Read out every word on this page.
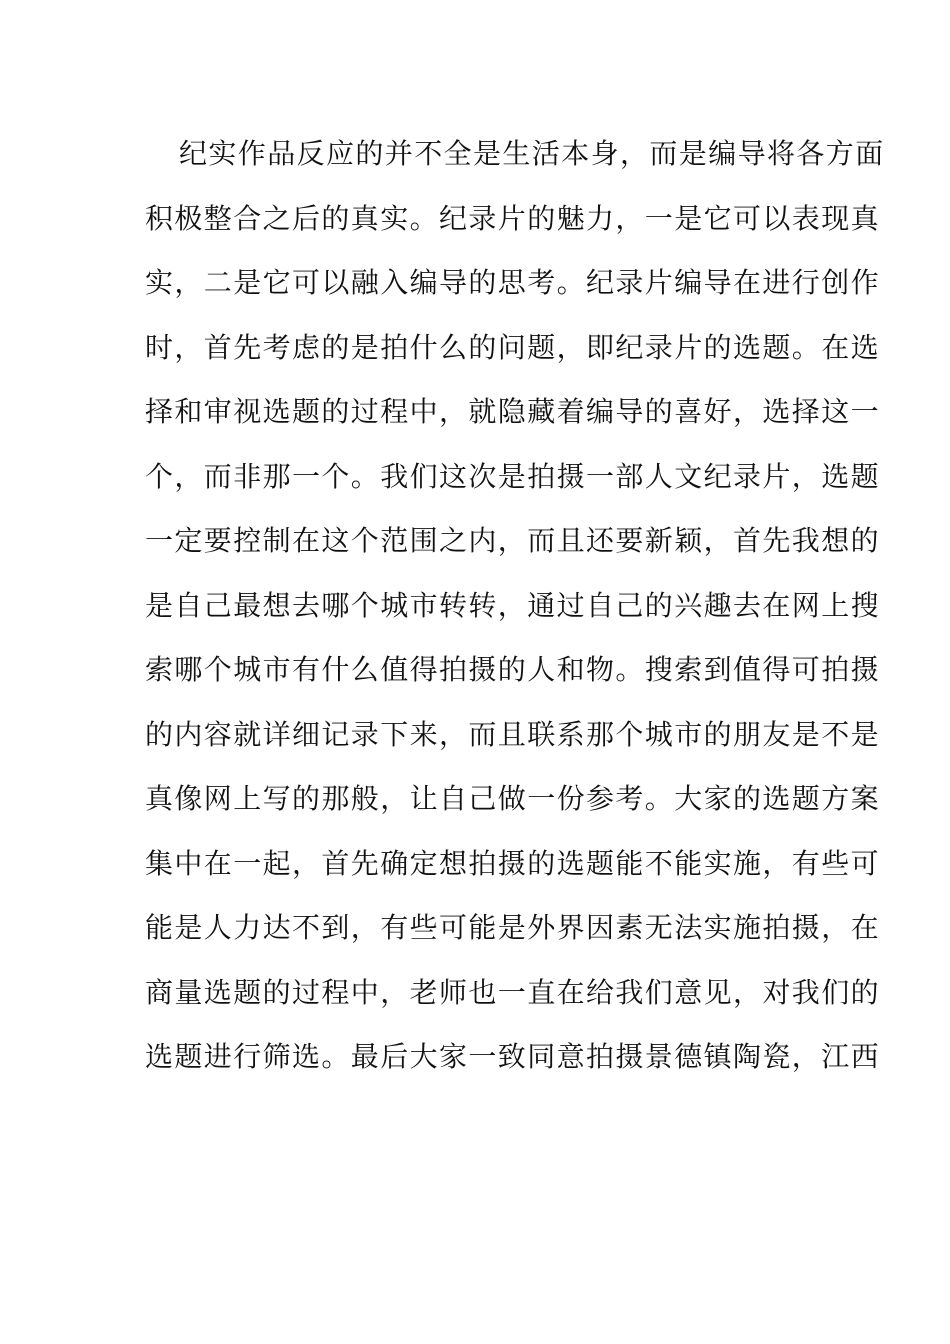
纪实作品反应的并不全是生活本身，而是编导将各方面
积极整合之后的真实。纪录片的魅力，一是它可以表现真
实，二是它可以融入编导的思考。纪录片编导在进行创作
时，首先考虑的是拍什么的问题，即纪录片的选题。在选
择和审视选题的过程中，就隐藏着编导的喜好，选择这一
个，而非那一个。我们这次是拍摄一部人文纪录片，选题
一定要控制在这个范围之内，而且还要新颖，首先我想的
是自己最想去哪个城市转转，通过自己的兴趣去在网上搜
索哪个城市有什么值得拍摄的人和物。搜索到值得可拍摄
的内容就详细记录下来，而且联系那个城市的朋友是不是
真像网上写的那般，让自己做一份参考。大家的选题方案
集中在一起，首先确定想拍摄的选题能不能实施，有些可
能是人力达不到，有些可能是外界因素无法实施拍摄，在
商量选题的过程中，老师也一直在给我们意见，对我们的
选题进行筛选。最后大家一致同意拍摄景德镇陶瓷，江西
